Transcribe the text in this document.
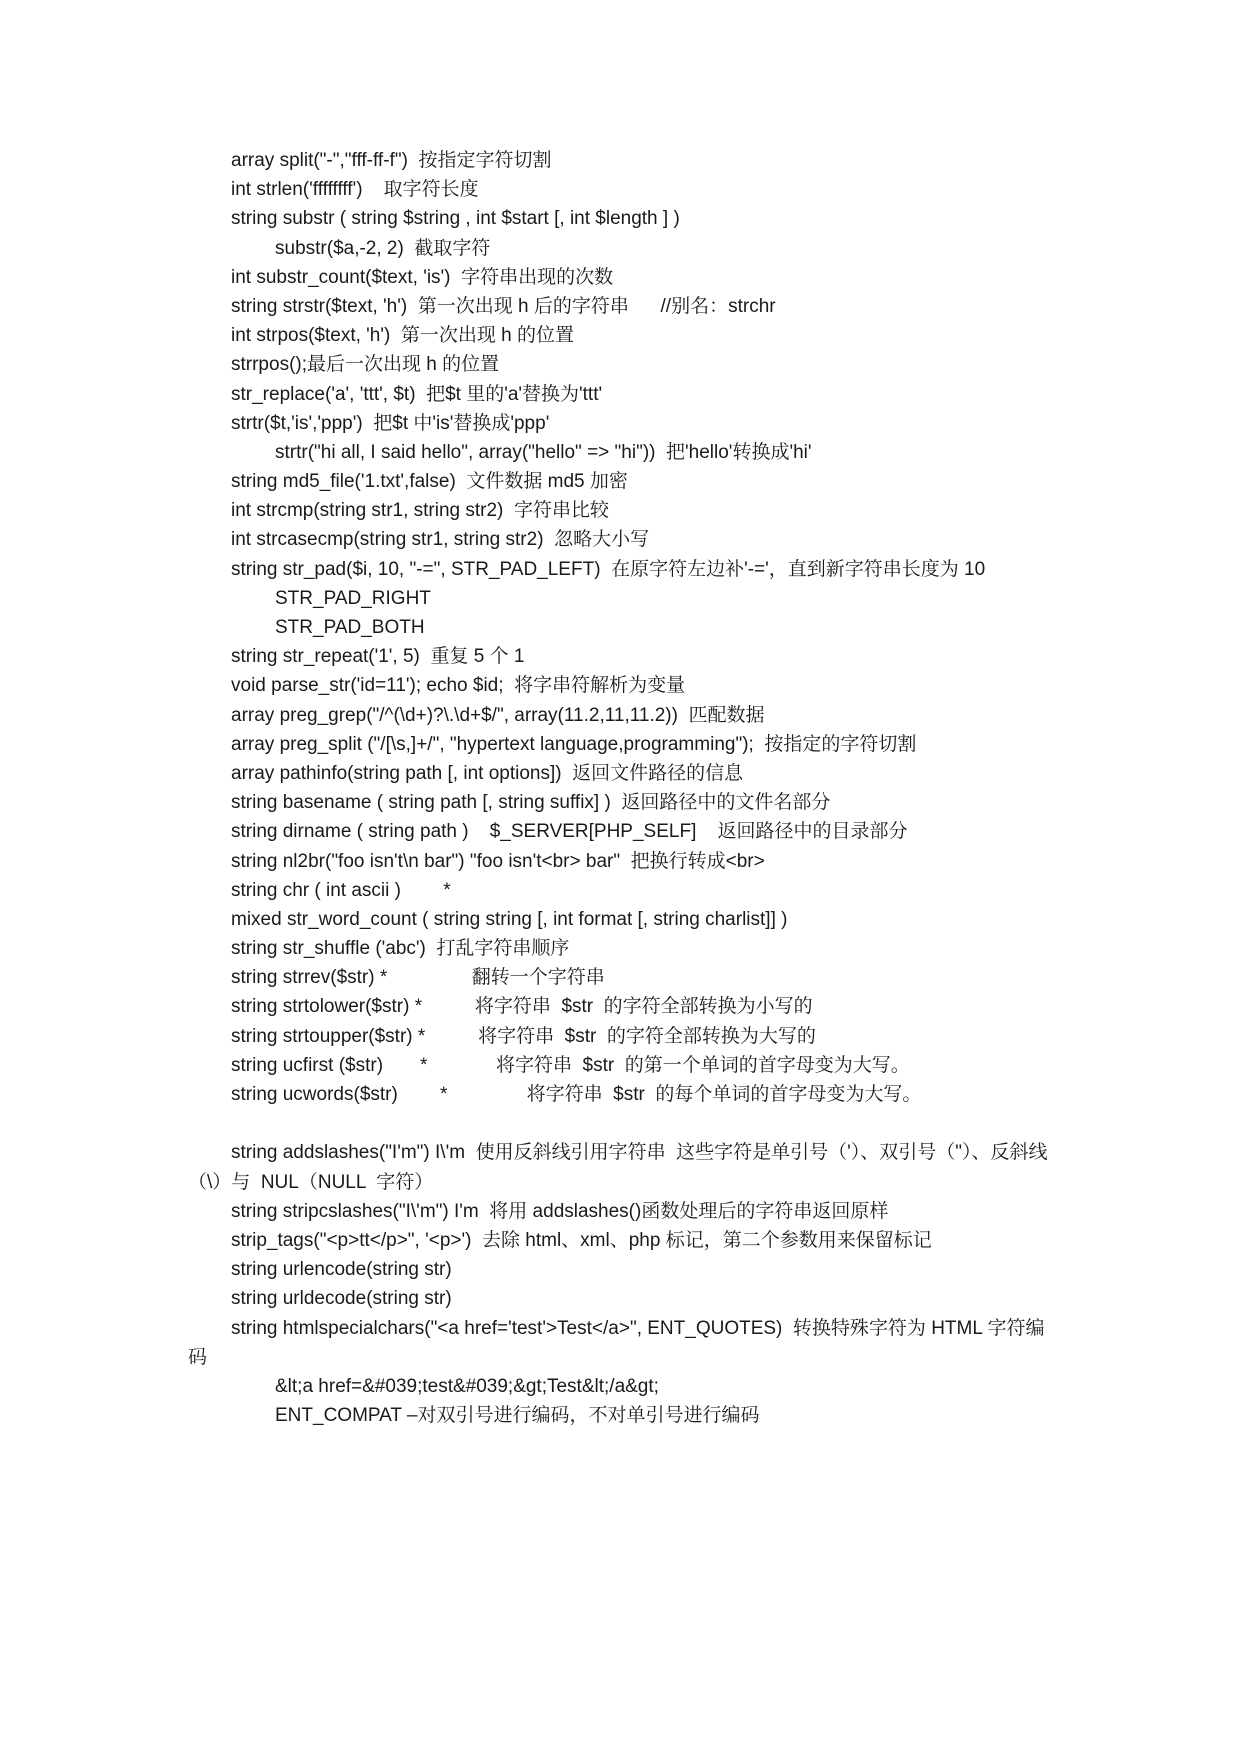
array split("-","fff-ff-f")  按指定字符切割
int strlen('ffffffff')    取字符长度
string substr ( string $string , int $start [, int $length ] )
substr($a,-2, 2)  截取字符
int substr_count($text, 'is')  字符串出现的次数
string strstr($text, 'h')  第一次出现 h 后的字符串      //别名：strchr
int strpos($text, 'h')  第一次出现 h 的位置
strrpos();最后一次出现 h 的位置
str_replace('a', 'ttt', $t)  把$t 里的'a'替换为'ttt'
strtr($t,'is','ppp')  把$t 中'is'替换成'ppp'
strtr("hi all, I said hello", array("hello" => "hi"))  把'hello'转换成'hi'
string md5_file('1.txt',false)  文件数据 md5 加密
int strcmp(string str1, string str2)  字符串比较
int strcasecmp(string str1, string str2)  忽略大小写
string str_pad($i, 10, "-=", STR_PAD_LEFT)  在原字符左边补'-='，直到新字符串长度为 10
STR_PAD_RIGHT
STR_PAD_BOTH
string str_repeat('1', 5)  重复 5 个 1
void parse_str('id=11'); echo $id;  将字串符解析为变量
array preg_grep("/^(\d+)?\.\d+$/", array(11.2,11,11.2))  匹配数据
array preg_split ("/[\s,]+/", "hypertext language,programming");  按指定的字符切割
array pathinfo(string path [, int options])  返回文件路径的信息
string basename ( string path [, string suffix] )  返回路径中的文件名部分
string dirname ( string path )    $_SERVER[PHP_SELF]    返回路径中的目录部分
string nl2br("foo isn't\n bar") "foo isn't<br> bar"  把换行转成<br>
string chr ( int ascii )        *
mixed str_word_count ( string string [, int format [, string charlist]] )
string str_shuffle ('abc')  打乱字符串顺序
string strrev($str) *                翻转一个字符串
string strtolower($str) *          将字符串  $str  的字符全部转换为小写的
string strtoupper($str) *          将字符串  $str  的字符全部转换为大写的
string ucfirst ($str)       *             将字符串  $str  的第一个单词的首字母变为大写。
string ucwords($str)        *               将字符串  $str  的每个单词的首字母变为大写。
string addslashes("I'm") I\'m  使用反斜线引用字符串  这些字符是单引号（'）、双引号（"）、反斜线（\）与  NUL（NULL  字符）
string stripcslashes("I\'m") I'm  将用 addslashes()函数处理后的字符串返回原样
strip_tags("<p>tt</p>", '<p>')  去除 html、xml、php 标记，第二个参数用来保留标记
string urlencode(string str)
string urldecode(string str)
string htmlspecialchars("<a href='test'>Test</a>", ENT_QUOTES)  转换特殊字符为 HTML 字符编码
&lt;a href=&#039;test&#039;&gt;Test&lt;/a&gt;
ENT_COMPAT –对双引号进行编码，不对单引号进行编码
